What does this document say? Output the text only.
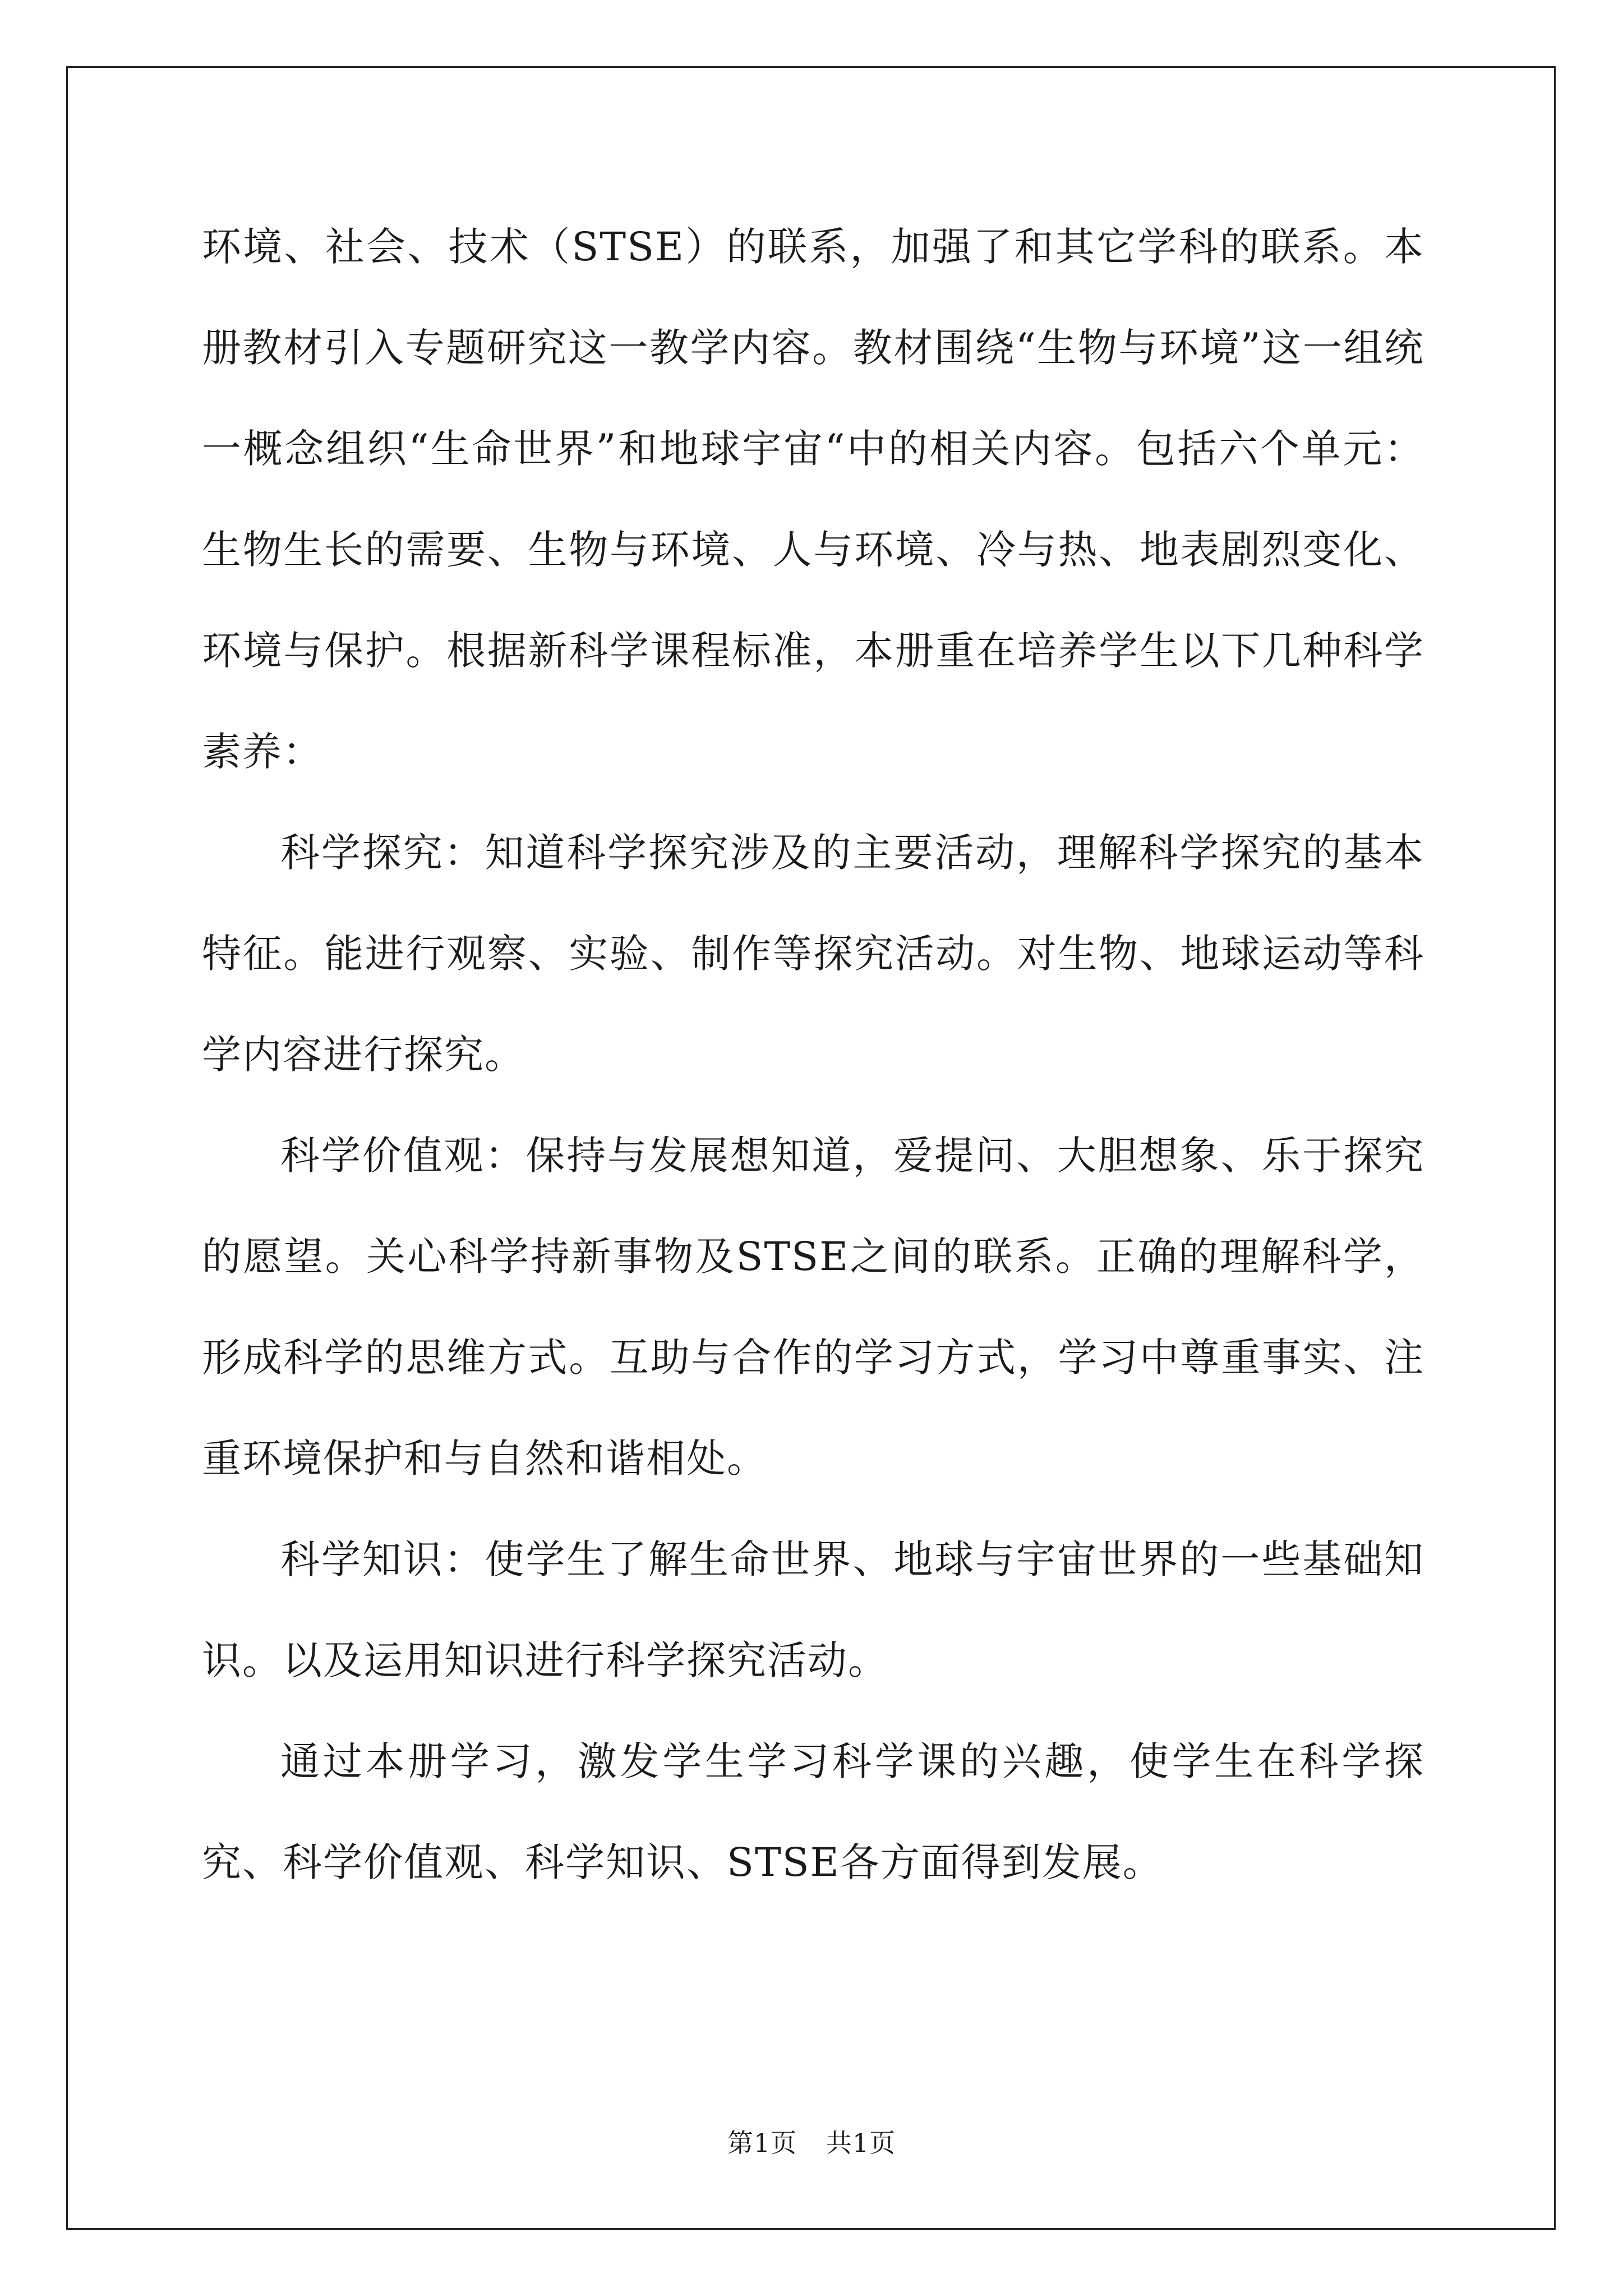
环境、社会、技术（STSE）的联系，加强了和其它学科的联系。本册教材引入专题研究这一教学内容。教材围绕“生物与环境”这一组统一概念组织“生命世界”和地球宇宙“中的相关内容。包括六个单元：生物生长的需要、生物与环境、人与环境、冷与热、地表剧烈变化、环境与保护。根据新科学课程标准，本册重在培养学生以下几种科学素养：

科学探究：知道科学探究涉及的主要活动，理解科学探究的基本特征。能进行观察、实验、制作等探究活动。对生物、地球运动等科学内容进行探究。

科学价值观：保持与发展想知道，爱提问、大胆想象、乐于探究的愿望。关心科学持新事物及STSE之间的联系。正确的理解科学，形成科学的思维方式。互助与合作的学习方式，学习中尊重事实、注重环境保护和与自然和谐相处。

科学知识：使学生了解生命世界、地球与宇宙世界的一些基础知识。以及运用知识进行科学探究活动。

通过本册学习，激发学生学习科学课的兴趣，使学生在科学探究、科学价值观、科学知识、STSE各方面得到发展。

第1页 共1页
